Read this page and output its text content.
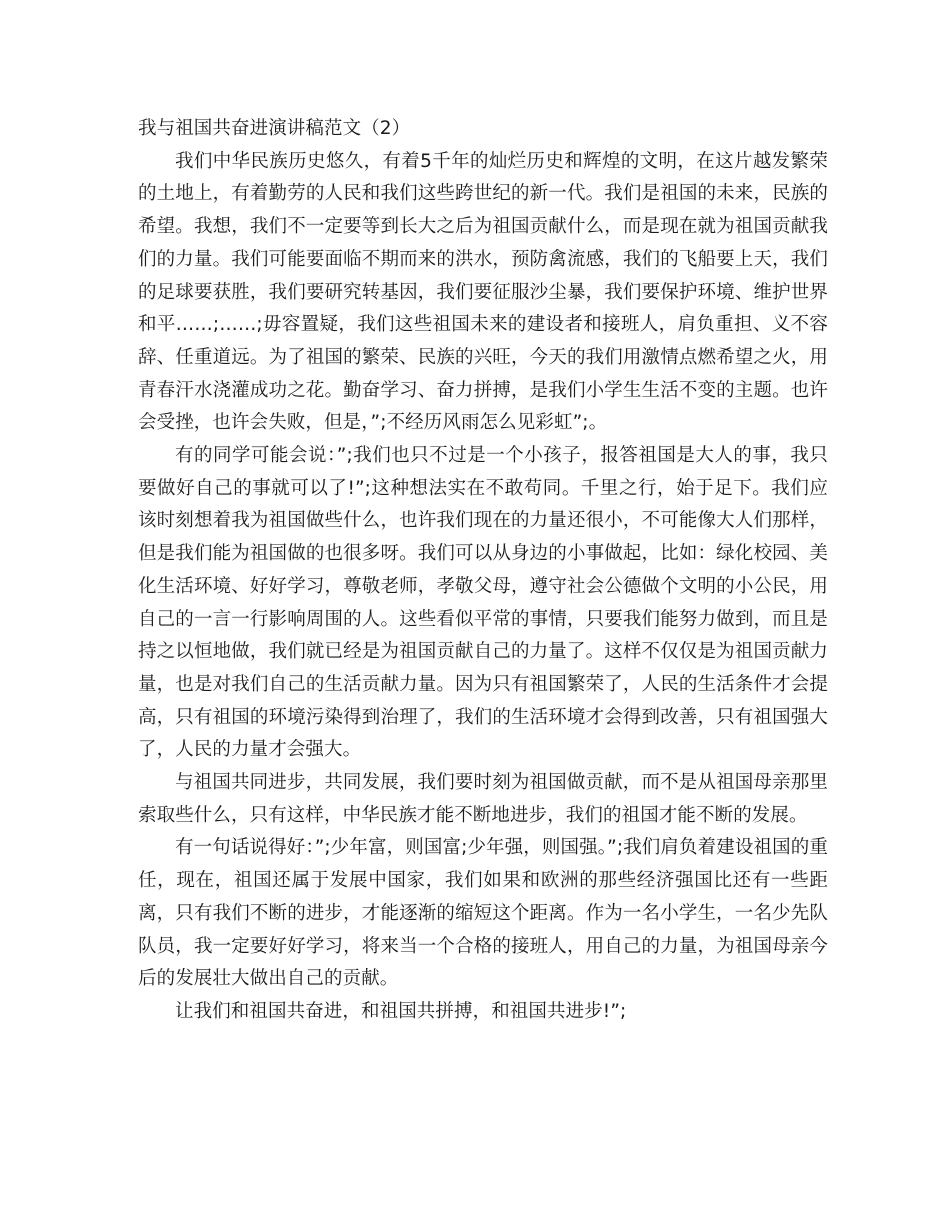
我与祖国共奋进演讲稿范文（2）

我们中华民族历史悠久，有着5千年的灿烂历史和辉煌的文明，在这片越发繁荣的土地上，有着勤劳的人民和我们这些跨世纪的新一代。我们是祖国的未来，民族的希望。我想，我们不一定要等到长大之后为祖国贡献什么，而是现在就为祖国贡献我们的力量。我们可能要面临不期而来的洪水，预防禽流感，我们的飞船要上天，我们的足球要获胜，我们要研究转基因，我们要征服沙尘暴，我们要保护环境、维护世界和平……;……;毋容置疑，我们这些祖国未来的建设者和接班人，肩负重担、义不容辞、任重道远。为了祖国的繁荣、民族的兴旺，今天的我们用激情点燃希望之火，用青春汗水浇灌成功之花。勤奋学习、奋力拼搏，是我们小学生生活不变的主题。也许会受挫，也许会失败，但是，”;不经历风雨怎么见彩虹”;。

有的同学可能会说：”;我们也只不过是一个小孩子，报答祖国是大人的事，我只要做好自己的事就可以了!”;这种想法实在不敢苟同。千里之行，始于足下。我们应该时刻想着我为祖国做些什么，也许我们现在的力量还很小，不可能像大人们那样，但是我们能为祖国做的也很多呀。我们可以从身边的小事做起，比如：绿化校园、美化生活环境、好好学习，尊敬老师，孝敬父母，遵守社会公德做个文明的小公民，用自己的一言一行影响周围的人。这些看似平常的事情，只要我们能努力做到，而且是持之以恒地做，我们就已经是为祖国贡献自己的力量了。这样不仅仅是为祖国贡献力量，也是对我们自己的生活贡献力量。因为只有祖国繁荣了，人民的生活条件才会提高，只有祖国的环境污染得到治理了，我们的生活环境才会得到改善，只有祖国强大了，人民的力量才会强大。

与祖国共同进步，共同发展，我们要时刻为祖国做贡献，而不是从祖国母亲那里索取些什么，只有这样，中华民族才能不断地进步，我们的祖国才能不断的发展。

有一句话说得好：”;少年富，则国富;少年强，则国强。”;我们肩负着建设祖国的重任，现在，祖国还属于发展中国家，我们如果和欧洲的那些经济强国比还有一些距离，只有我们不断的进步，才能逐渐的缩短这个距离。作为一名小学生，一名少先队队员，我一定要好好学习，将来当一个合格的接班人，用自己的力量，为祖国母亲今后的发展壮大做出自己的贡献。

让我们和祖国共奋进，和祖国共拼搏，和祖国共进步!”;
